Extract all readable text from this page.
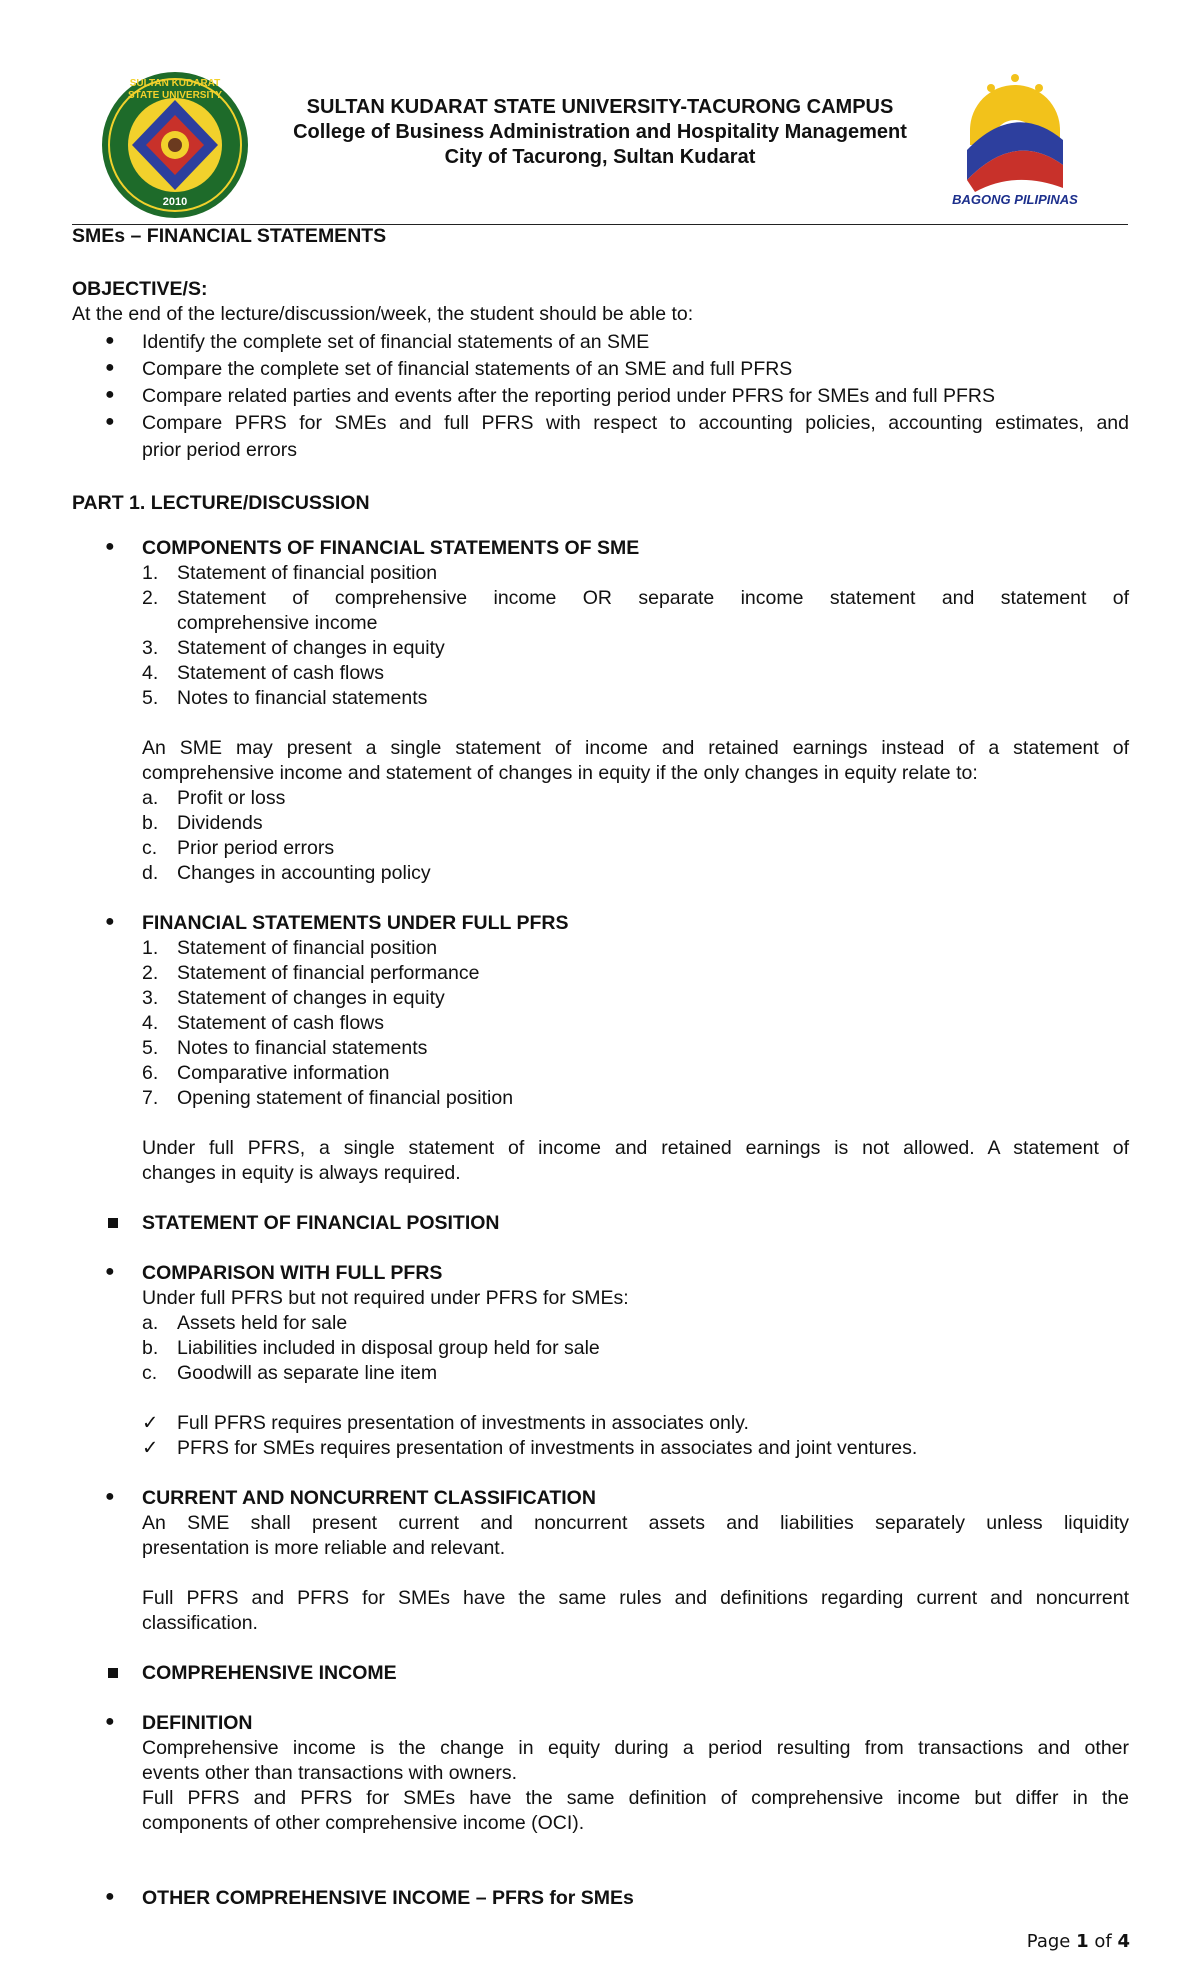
SULTAN KUDARAT STATE UNIVERSITY
2010
SULTAN KUDARAT STATE UNIVERSITY-TACURONG CAMPUS
College of Business Administration and Hospitality Management
City of Tacurong, Sultan Kudarat
BAGONG PILIPINAS
SMEs – FINANCIAL STATEMENTS
OBJECTIVE/S:
At the end of the lecture/discussion/week, the student should be able to:
● Identify the complete set of financial statements of an SME
● Compare the complete set of financial statements of an SME and full PFRS
● Compare related parties and events after the reporting period under PFRS for SMEs and full PFRS
● Compare PFRS for SMEs and full PFRS with respect to accounting policies, accounting estimates, and
prior period errors
PART 1. LECTURE/DISCUSSION
● COMPONENTS OF FINANCIAL STATEMENTS OF SME
1. Statement of financial position
2. Statement of comprehensive income OR separate income statement and statement of
comprehensive income
3. Statement of changes in equity
4. Statement of cash flows
5. Notes to financial statements
An SME may present a single statement of income and retained earnings instead of a statement of
comprehensive income and statement of changes in equity if the only changes in equity relate to:
a. Profit or loss
b. Dividends
c. Prior period errors
d. Changes in accounting policy
● FINANCIAL STATEMENTS UNDER FULL PFRS
1. Statement of financial position
2. Statement of financial performance
3. Statement of changes in equity
4. Statement of cash flows
5. Notes to financial statements
6. Comparative information
7. Opening statement of financial position
Under full PFRS, a single statement of income and retained earnings is not allowed. A statement of
changes in equity is always required.
STATEMENT OF FINANCIAL POSITION
● COMPARISON WITH FULL PFRS
Under full PFRS but not required under PFRS for SMEs:
a. Assets held for sale
b. Liabilities included in disposal group held for sale
c. Goodwill as separate line item
✓ Full PFRS requires presentation of investments in associates only.
✓ PFRS for SMEs requires presentation of investments in associates and joint ventures.
● CURRENT AND NONCURRENT CLASSIFICATION
An SME shall present current and noncurrent assets and liabilities separately unless liquidity
presentation is more reliable and relevant.
Full PFRS and PFRS for SMEs have the same rules and definitions regarding current and noncurrent
classification.
COMPREHENSIVE INCOME
● DEFINITION
Comprehensive income is the change in equity during a period resulting from transactions and other
events other than transactions with owners.
Full PFRS and PFRS for SMEs have the same definition of comprehensive income but differ in the
components of other comprehensive income (OCI).
● OTHER COMPREHENSIVE INCOME – PFRS for SMEs
Page 1 of 4
